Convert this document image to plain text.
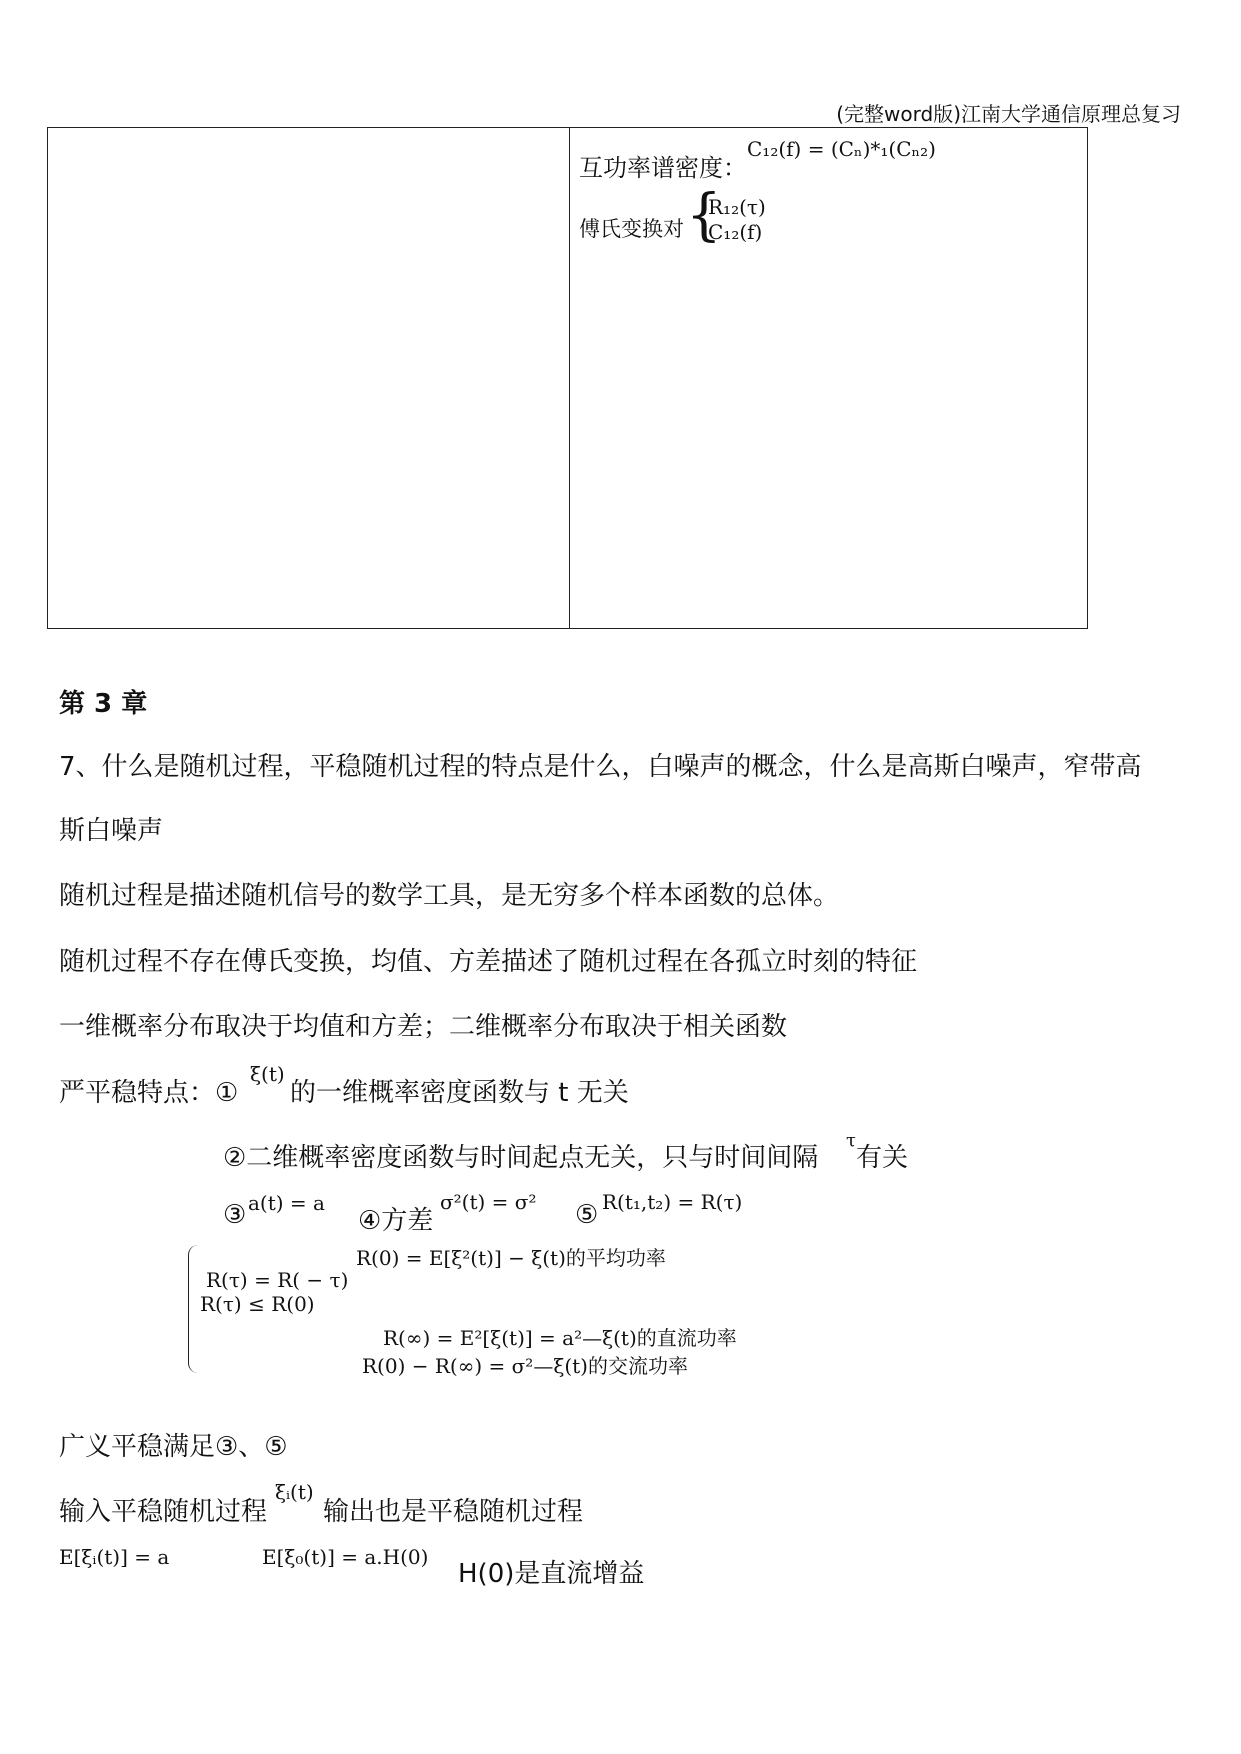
(完整word版)江南大学通信原理总复习
互功率谱密度：
C₁₂(f) = (Cₙ)*₁(Cₙ₂)
傅氏变换对 {
R₁₂(τ)
C₁₂(f)
第 3 章
7、什么是随机过程，平稳随机过程的特点是什么，白噪声的概念，什么是高斯白噪声，窄带高
斯白噪声
随机过程是描述随机信号的数学工具，是无穷多个样本函数的总体。
随机过程不存在傅氏变换，均值、方差描述了随机过程在各孤立时刻的特征
一维概率分布取决于均值和方差；二维概率分布取决于相关函数
严平稳特点：①
ξ(t)
的一维概率密度函数与 t 无关
②二维概率密度函数与时间起点无关，只与时间间隔
τ
有关
③ a(t) = a
④方差
σ²(t) = σ² ⑤ R(t₁,t₂) = R(τ)
R(0) = E[ξ²(t)] − ξ(t)的平均功率
R(τ) = R( − τ)
R(τ) ≤ R(0)
R(∞) = E²[ξ(t)] = a²—ξ(t)的直流功率
R(0) − R(∞) = σ²—ξ(t)的交流功率
广义平稳满足③、⑤
输入平稳随机过程
ξᵢ(t)
输出也是平稳随机过程
E[ξᵢ(t)] = a	E[ξ₀(t)] = a.H(0)
H(0)是直流增益
